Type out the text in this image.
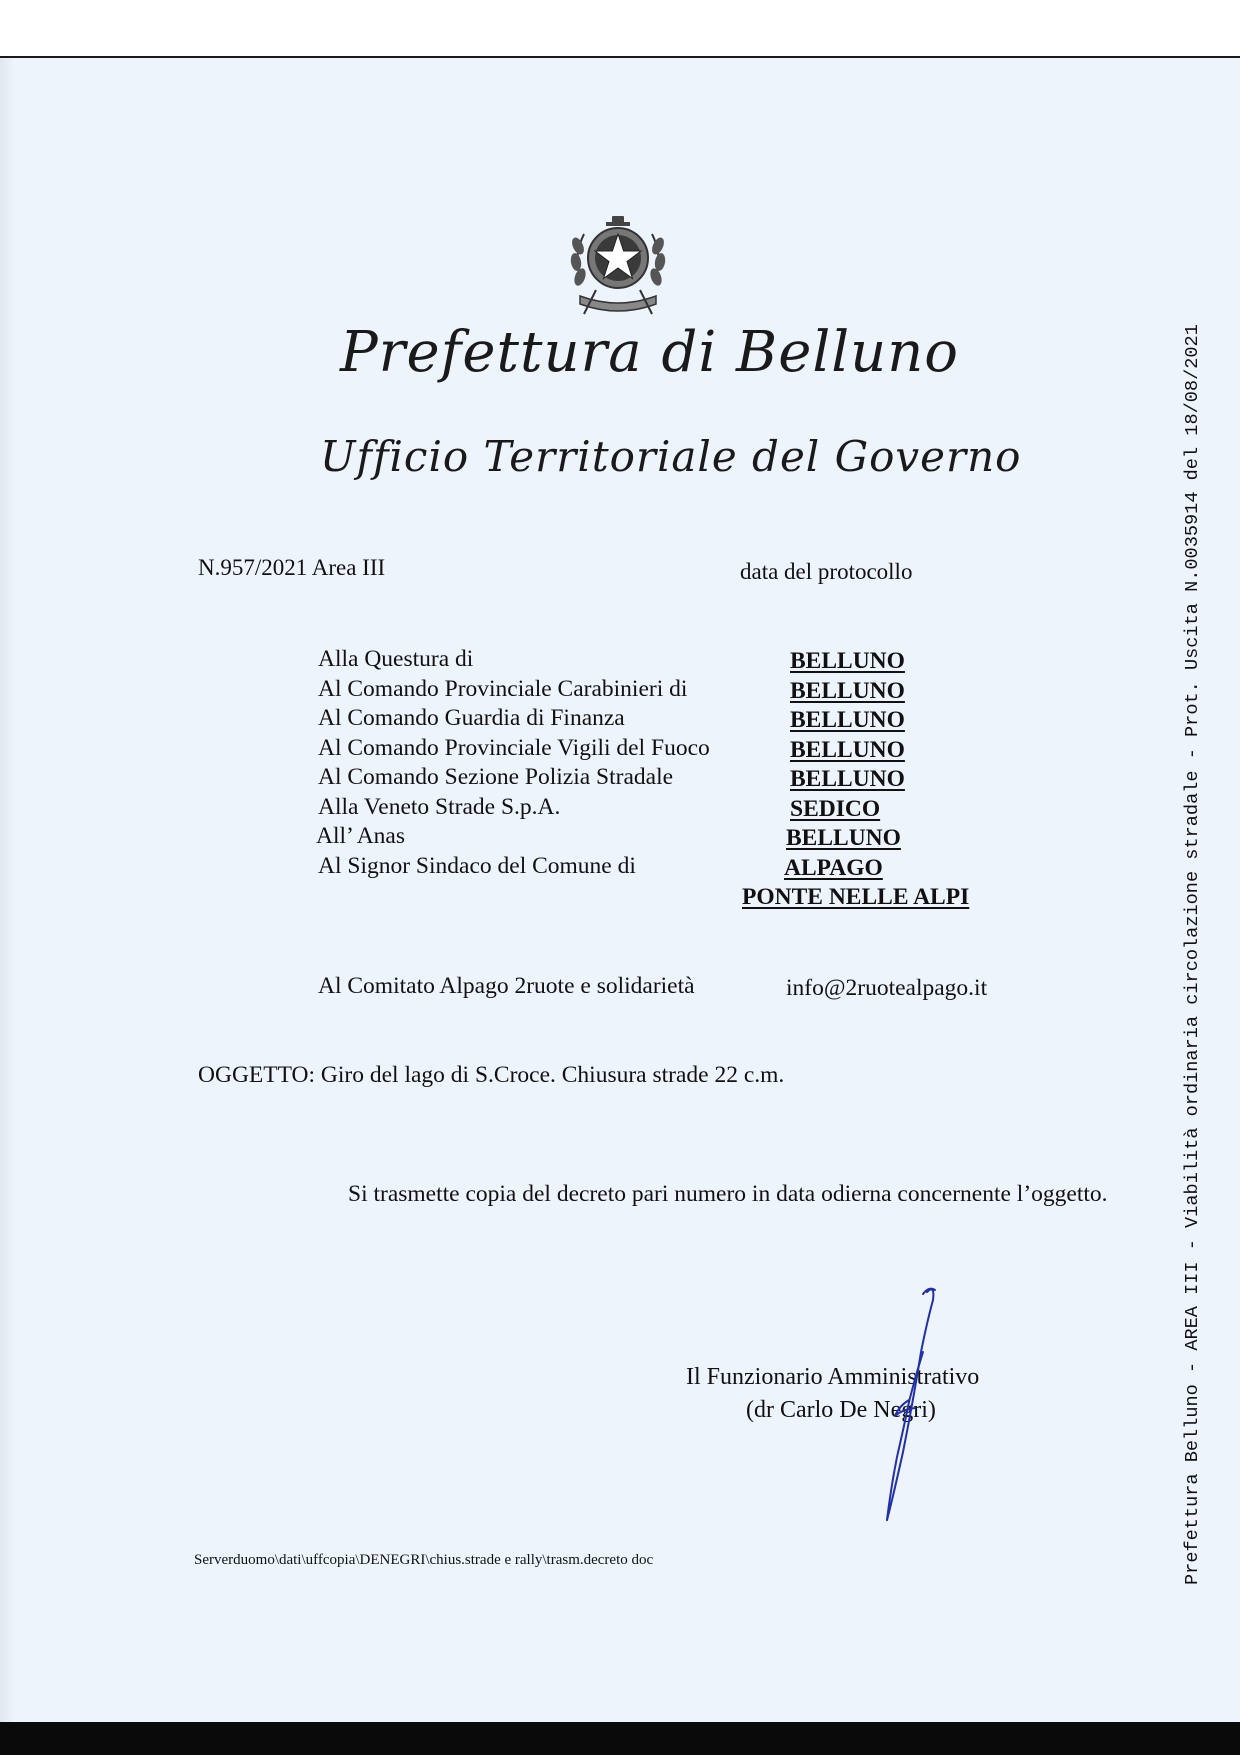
Prefettura di Belluno
Ufficio Territoriale del Governo
N.957/2021 Area III	data del protocollo
Alla Questura di	BELLUNO
Al Comando Provinciale Carabinieri di	BELLUNO
Al Comando Guardia di Finanza	BELLUNO
Al Comando Provinciale Vigili del Fuoco	BELLUNO
Al Comando Sezione Polizia Stradale	BELLUNO
Alla Veneto Strade S.p.A.	SEDICO
All’ Anas	BELLUNO
Al Signor Sindaco del Comune di	ALPAGO
PONTE NELLE ALPI
Al Comitato Alpago 2ruote e solidarietà	info@2ruotealpago.it
OGGETTO: Giro del lago di S.Croce. Chiusura strade 22 c.m.
Si trasmette copia del decreto pari numero in data odierna concernente l’oggetto.
Il Funzionario Amministrativo
(dr Carlo De Negri)
Serverduomo\dati\uffcopia\DENEGRI\chius.strade e rally\trasm.decreto doc	Prefettura Belluno - AREA III - Viabilità ordinaria circolazione stradale - Prot. Uscita N.0035914 del 18/08/2021
